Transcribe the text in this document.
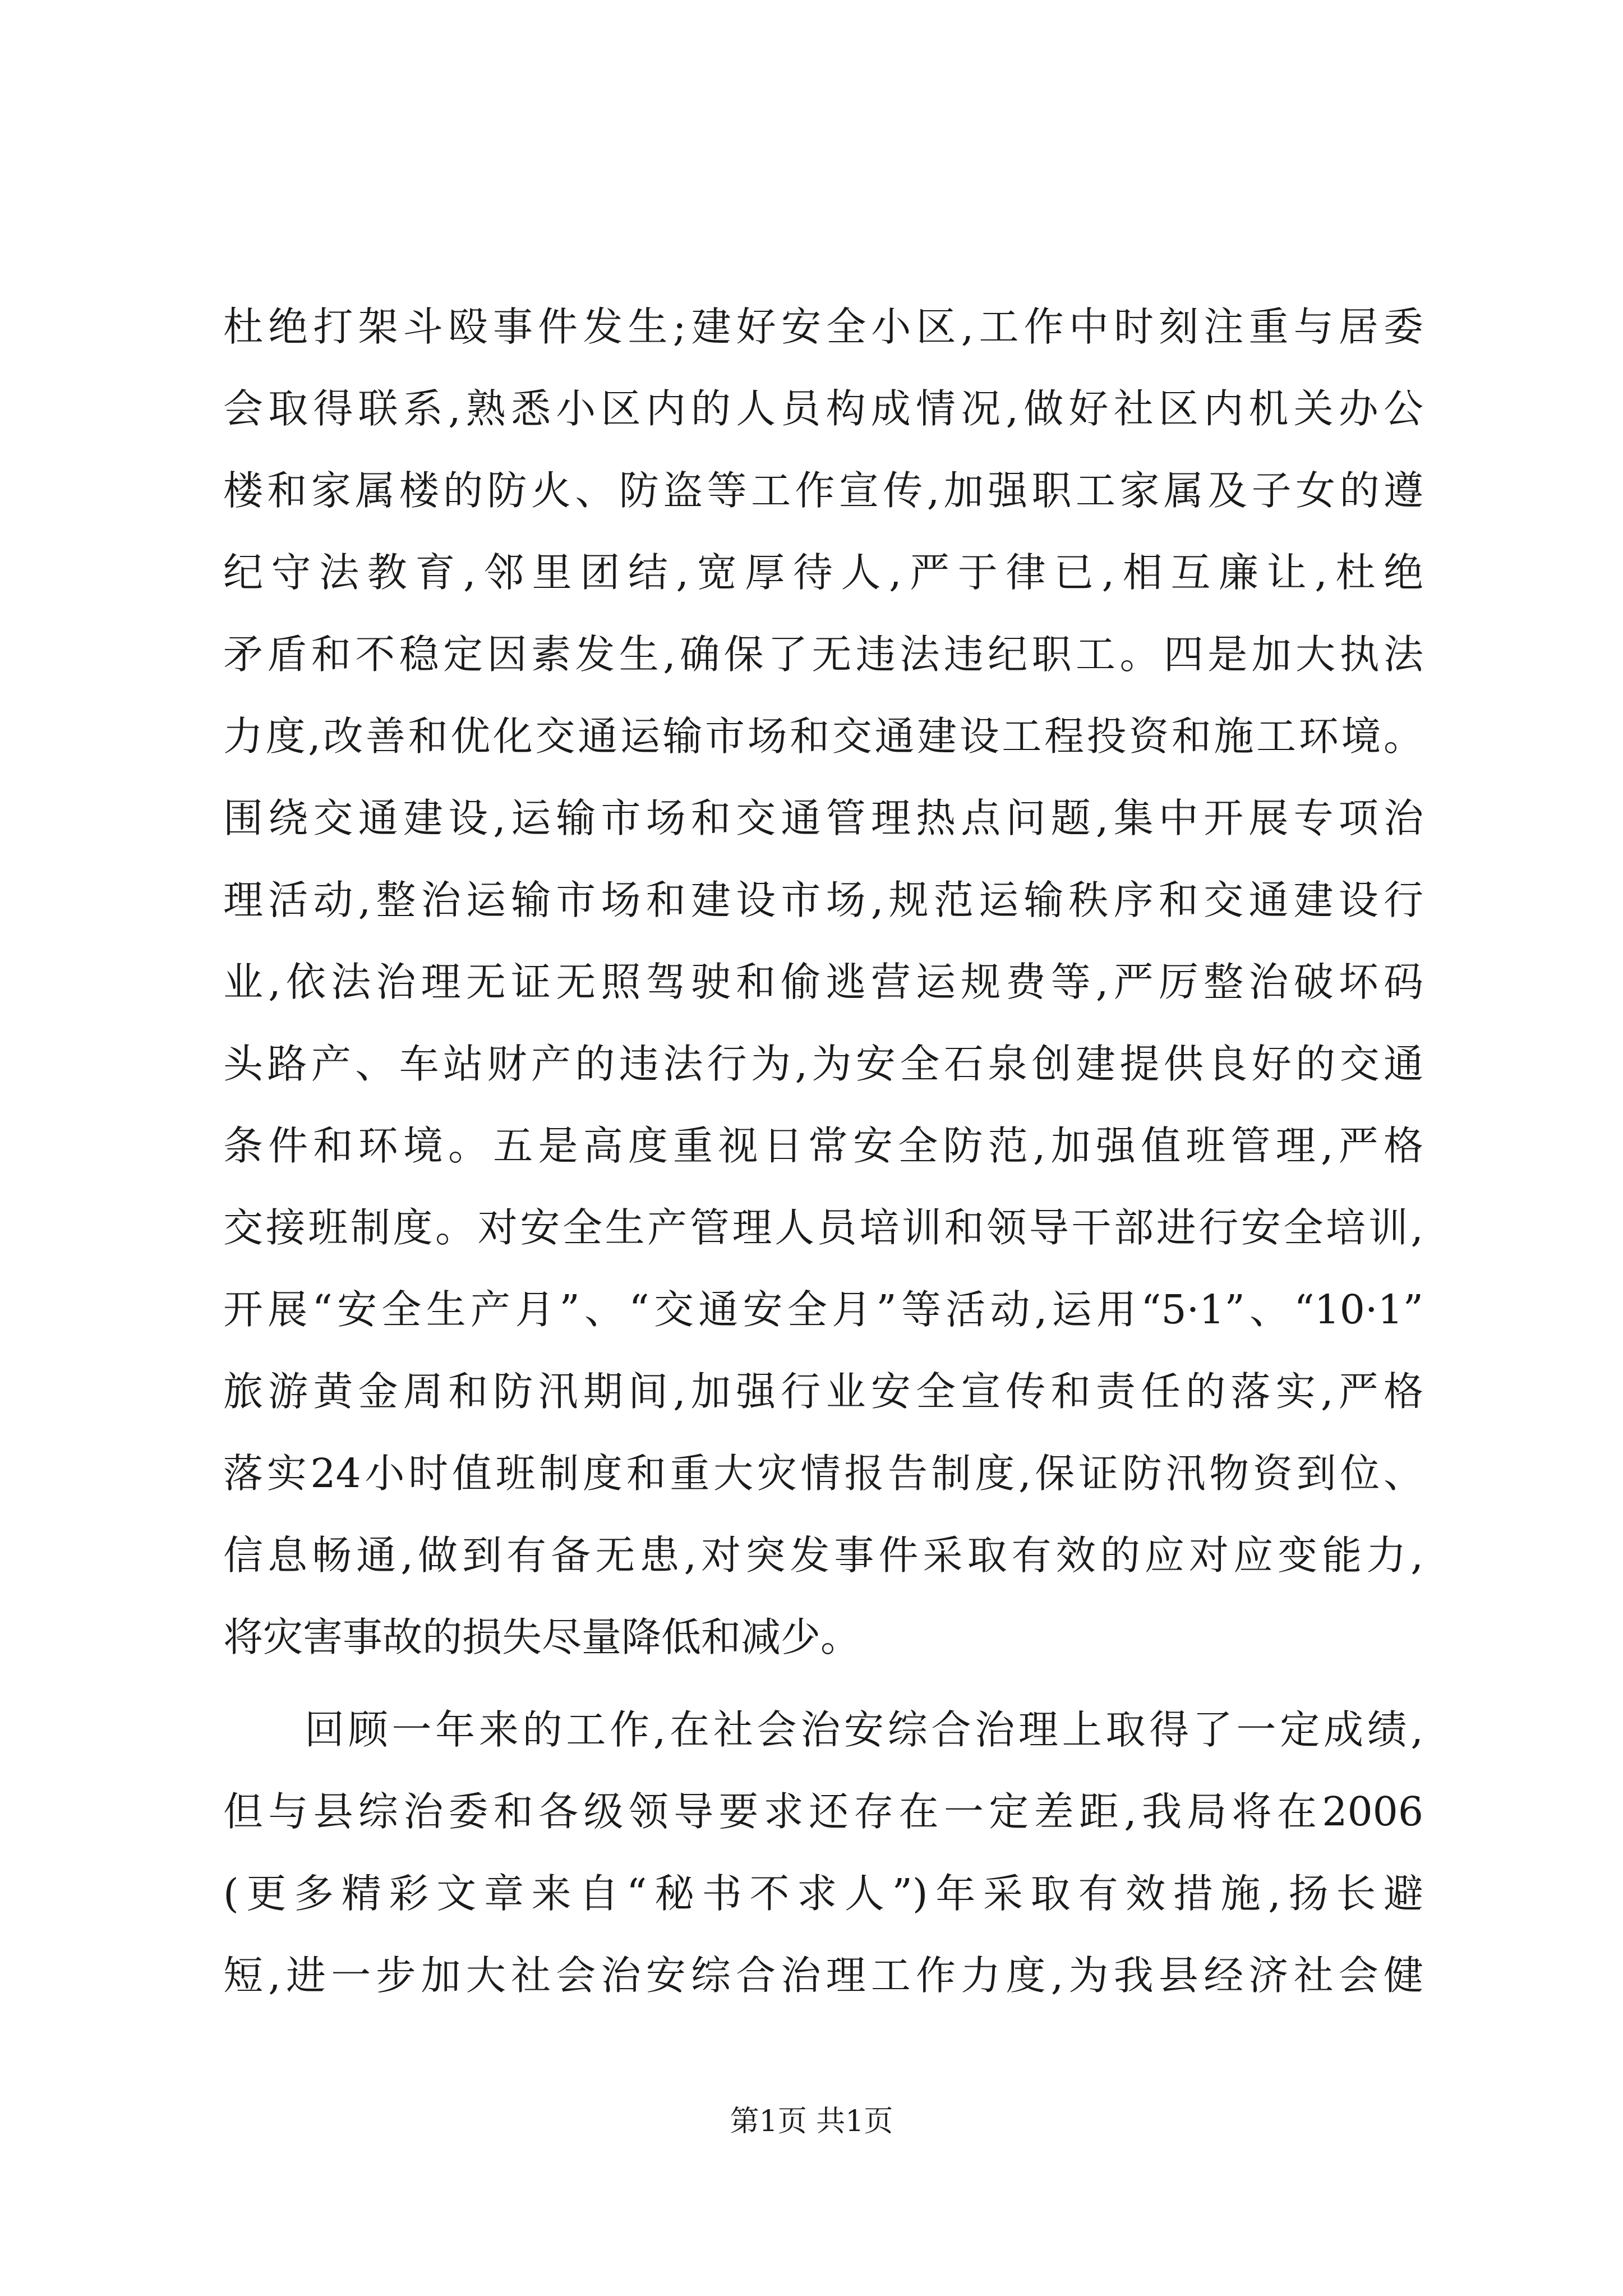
杜绝打架斗殴事件发生;建好安全小区,工作中时刻注重与居委
会取得联系,熟悉小区内的人员构成情况,做好社区内机关办公
楼和家属楼的防火、防盗等工作宣传,加强职工家属及子女的遵
纪守法教育,邻里团结,宽厚待人,严于律已,相互廉让,杜绝
矛盾和不稳定因素发生,确保了无违法违纪职工。四是加大执法
力度,改善和优化交通运输市场和交通建设工程投资和施工环境。
围绕交通建设,运输市场和交通管理热点问题,集中开展专项治
理活动,整治运输市场和建设市场,规范运输秩序和交通建设行
业,依法治理无证无照驾驶和偷逃营运规费等,严厉整治破坏码
头路产、车站财产的违法行为,为安全石泉创建提供良好的交通
条件和环境。五是高度重视日常安全防范,加强值班管理,严格
交接班制度。对安全生产管理人员培训和领导干部进行安全培训,
开展“安全生产月”、“交通安全月”等活动,运用“5·1”、“10·1”
旅游黄金周和防汛期间,加强行业安全宣传和责任的落实,严格
落实24小时值班制度和重大灾情报告制度,保证防汛物资到位、
信息畅通,做到有备无患,对突发事件采取有效的应对应变能力,
将灾害事故的损失尽量降低和减少。
回顾一年来的工作,在社会治安综合治理上取得了一定成绩,
但与县综治委和各级领导要求还存在一定差距,我局将在2006
(更多精彩文章来自“秘书不求人”)年采取有效措施,扬长避
短,进一步加大社会治安综合治理工作力度,为我县经济社会健
第1页 共1页
